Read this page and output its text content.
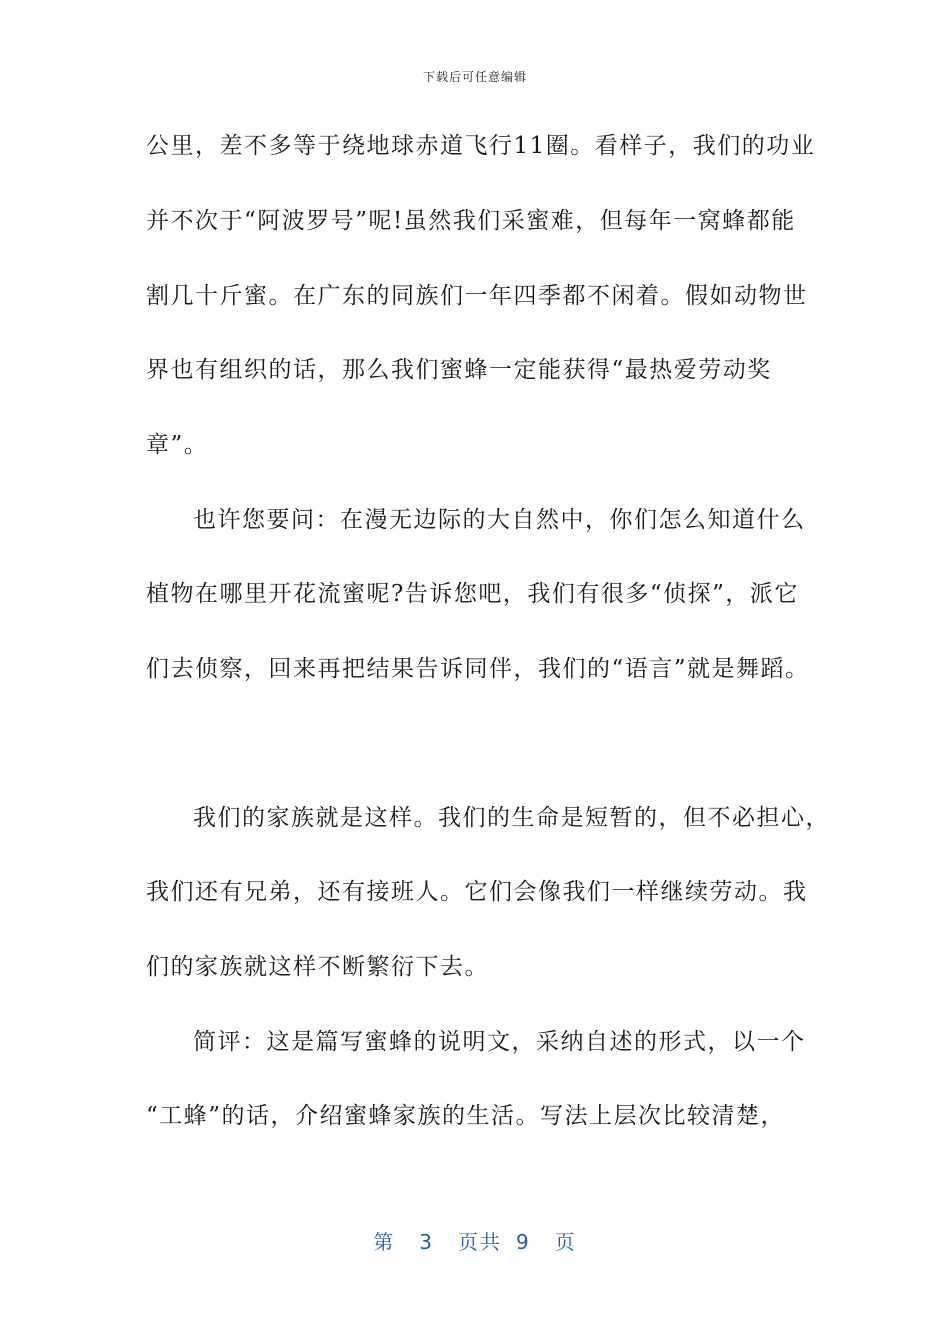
下载后可任意编辑
公里，差不多等于绕地球赤道飞行11圈。看样子，我们的功业
并不次于“阿波罗号”呢!虽然我们采蜜难，但每年一窝蜂都能
割几十斤蜜。在广东的同族们一年四季都不闲着。假如动物世
界也有组织的话，那么我们蜜蜂一定能获得“最热爱劳动奖
章”。
也许您要问：在漫无边际的大自然中，你们怎么知道什么
植物在哪里开花流蜜呢?告诉您吧，我们有很多“侦探”，派它
们去侦察，回来再把结果告诉同伴，我们的“语言”就是舞蹈。
我们的家族就是这样。我们的生命是短暂的，但不必担心，
我们还有兄弟，还有接班人。它们会像我们一样继续劳动。我
们的家族就这样不断繁衍下去。
简评：这是篇写蜜蜂的说明文，采纳自述的形式，以一个
“工蜂”的话，介绍蜜蜂家族的生活。写法上层次比较清楚，
第 3 页共 9 页
